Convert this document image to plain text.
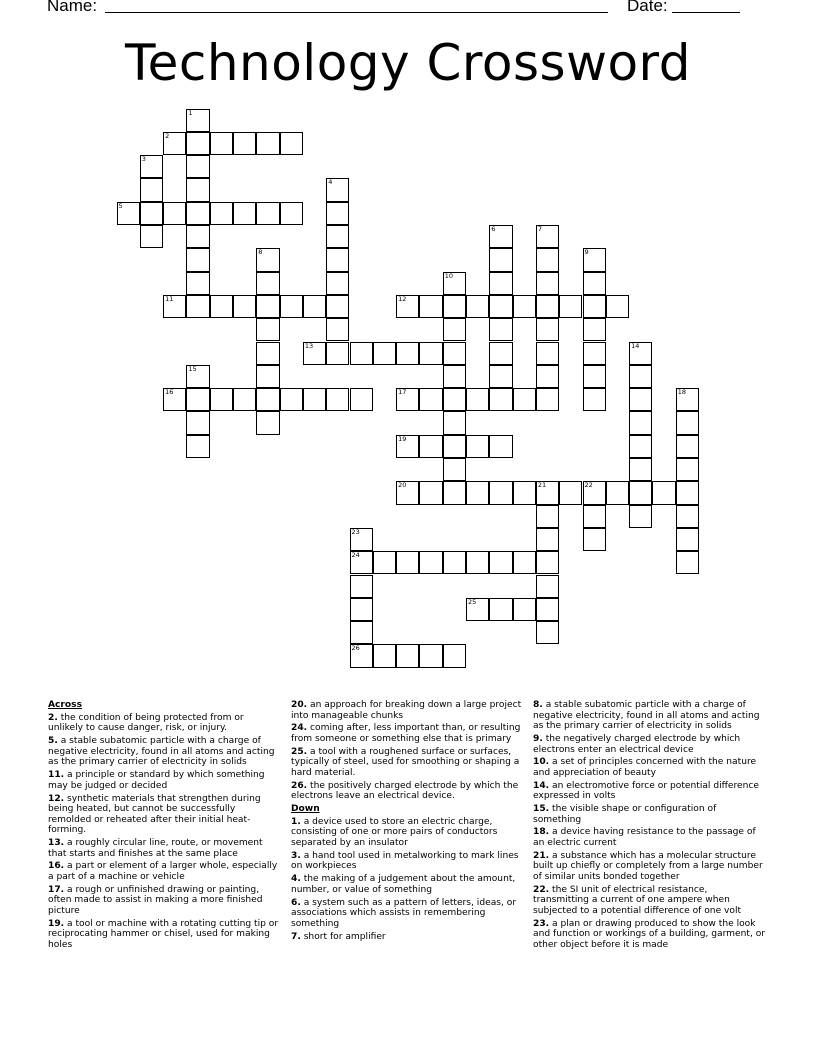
Name:	Date:
Technology Crossword
1
2
3
4
5
6	7
8	9
10
11	12
13	14
15
16	17	18
19
20	21	22
23
24
26
25
Across
2. the condition of being protected from or unlikely to cause danger, risk, or injury.
5. a stable subatomic particle with a charge of negative electricity, found in all atoms and acting as the primary carrier of electricity in solids
11. a principle or standard by which something may be judged or decided
12. synthetic materials that strengthen during being heated, but cannot be successfully remolded or reheated after their initial heat-forming.
13. a roughly circular line, route, or movement that starts and finishes at the same place
16. a part or element of a larger whole, especially a part of a machine or vehicle
17. a rough or unfinished drawing or painting, often made to assist in making a more finished picture
19. a tool or machine with a rotating cutting tip or reciprocating hammer or chisel, used for making holes
20. an approach for breaking down a large project into manageable chunks
24. coming after, less important than, or resulting from someone or something else that is primary
25. a tool with a roughened surface or surfaces, typically of steel, used for smoothing or shaping a hard material.
26. the positively charged electrode by which the electrons leave an electrical device.
Down
1. a device used to store an electric charge, consisting of one or more pairs of conductors separated by an insulator
3. a hand tool used in metalworking to mark lines on workpieces
4. the making of a judgement about the amount, number, or value of something
6. a system such as a pattern of letters, ideas, or associations which assists in remembering something
7. short for amplifier
8. a stable subatomic particle with a charge of negative electricity, found in all atoms and acting as the primary carrier of electricity in solids
9. the negatively charged electrode by which electrons enter an electrical device
10. a set of principles concerned with the nature and appreciation of beauty
14. an electromotive force or potential difference expressed in volts
15. the visible shape or configuration of something
18. a device having resistance to the passage of an electric current
21. a substance which has a molecular structure built up chiefly or completely from a large number of similar units bonded together
22. the SI unit of electrical resistance, transmitting a current of one ampere when subjected to a potential difference of one volt
23. a plan or drawing produced to show the look and function or workings of a building, garment, or other object before it is made
